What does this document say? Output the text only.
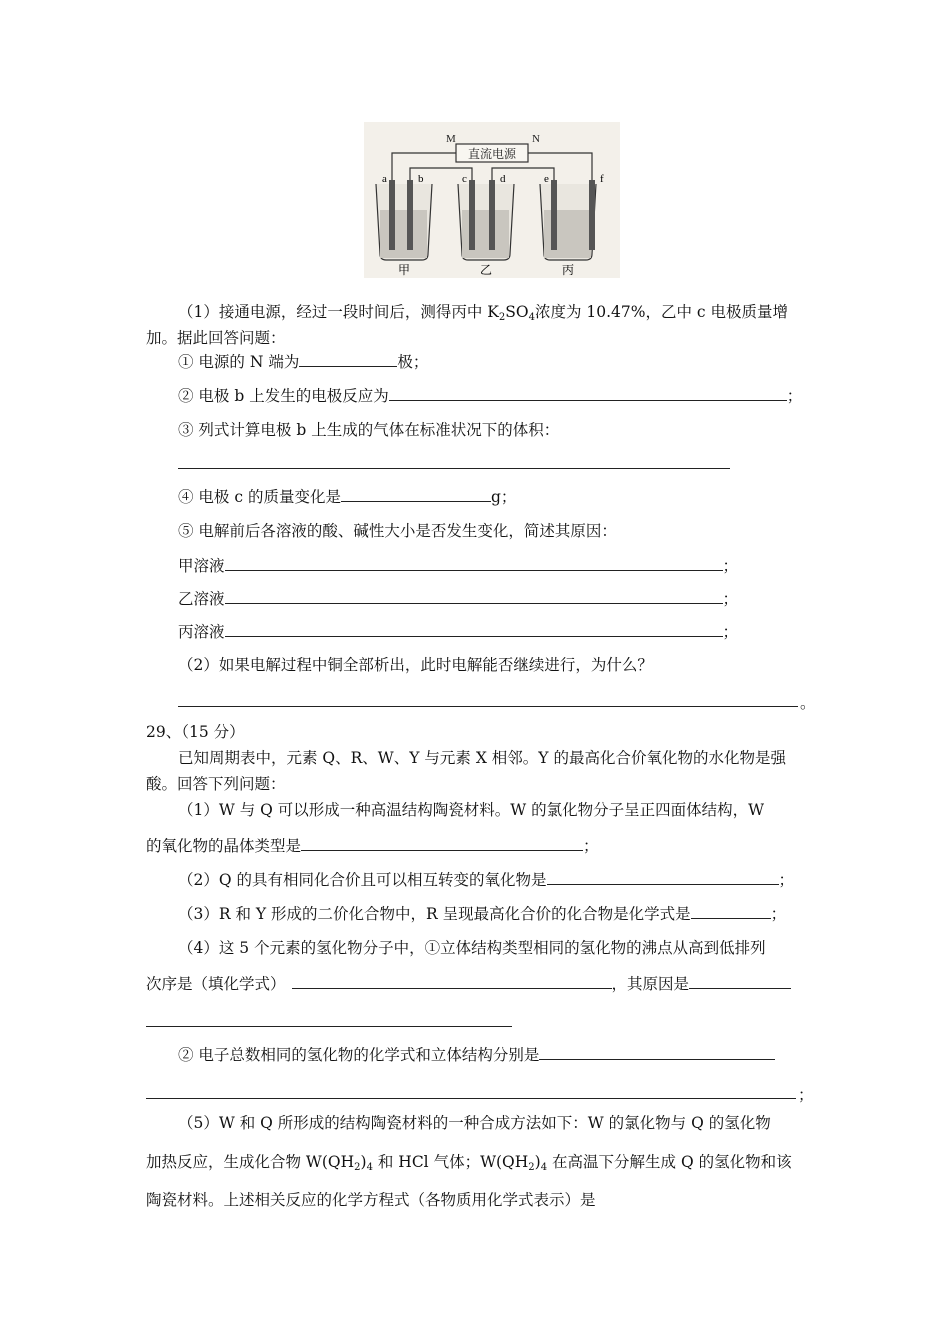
直流电源
M	N
a	b	c	d	e	f
甲	乙	丙
（1）接通电源，经过一段时间后，测得丙中 $K_2SO_4$浓度为 10.47%，乙中 c 电极质量增
加。据此回答问题：
① 电源的 N 端为	极；
② 电极 b 上发生的电极反应为	；
③ 列式计算电极 b 上生成的气体在标准状况下的体积：
④ 电极 c 的质量变化是	g；
⑤ 电解前后各溶液的酸、碱性大小是否发生变化，简述其原因：
甲溶液	；
乙溶液	；
丙溶液	；
（2）如果电解过程中铜全部析出，此时电解能否继续进行，为什么？
。
29、（15 分）
已知周期表中，元素 Q、R、W、Y 与元素 X 相邻。Y 的最高化合价氧化物的水化物是强
酸。回答下列问题：
（1）W 与 Q 可以形成一种高温结构陶瓷材料。W 的氯化物分子呈正四面体结构，W
的氧化物的晶体类型是	；
（2）Q 的具有相同化合价且可以相互转变的氧化物是	；
（3）R 和 Y 形成的二价化合物中，R 呈现最高化合价的化合物是化学式是	；
（4）这 5 个元素的氢化物分子中，①立体结构类型相同的氢化物的沸点从高到低排列
次序是（填化学式）	，其原因是
② 电子总数相同的氢化物的化学式和立体结构分别是
；
（5）W 和 Q 所形成的结构陶瓷材料的一种合成方法如下：W 的氯化物与 Q 的氢化物
加热反应，生成化合物 $W(QH_2)_4$ 和 HCl 气体；$W(QH_2)_4$ 在高温下分解生成 Q 的氢化物和该
陶瓷材料。上述相关反应的化学方程式（各物质用化学式表示）是
